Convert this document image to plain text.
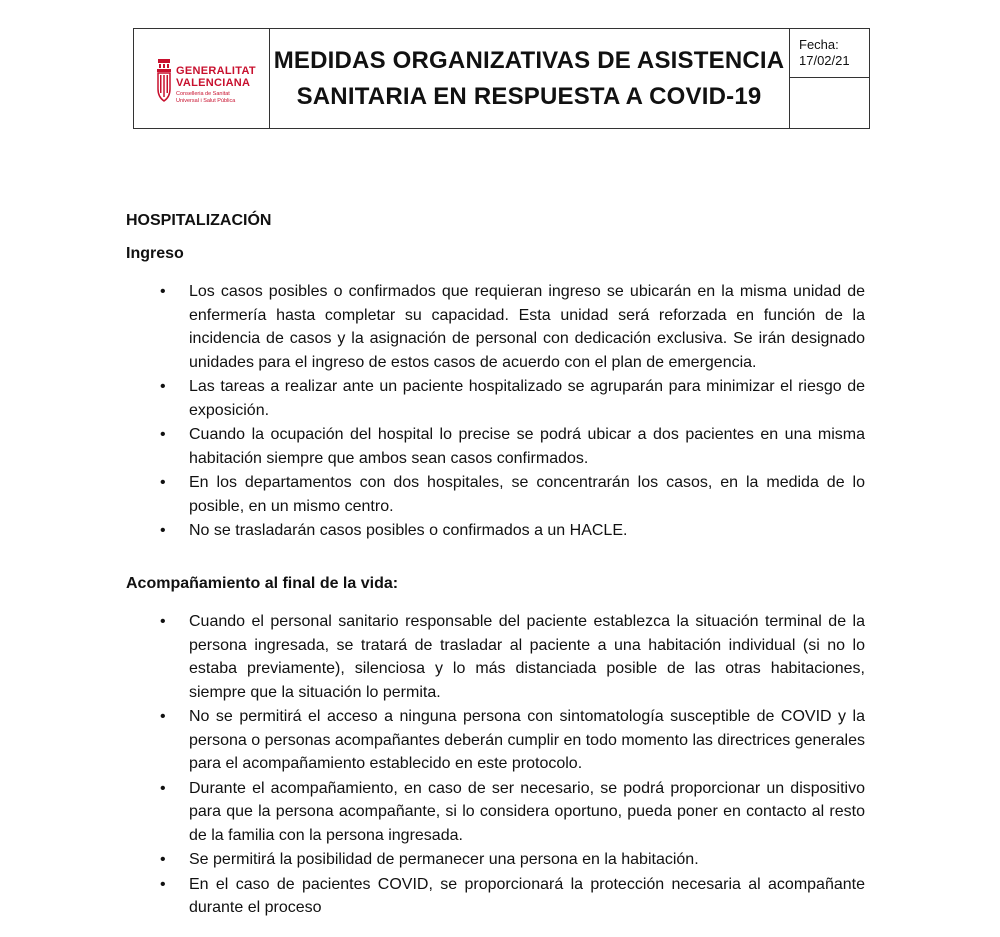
GENERALITAT
VALENCIANA
Conselleria de Sanitat
Universal i Salut Pública
MEDIDAS ORGANIZATIVAS DE ASISTENCIA
SANITARIA EN RESPUESTA A COVID-19
Fecha:
17/02/21
HOSPITALIZACIÓN
Ingreso
• Los casos posibles o confirmados que requieran ingreso se ubicarán en la misma unidad de enfermería hasta completar su capacidad. Esta unidad será reforzada en función de la incidencia de casos y la asignación de personal con dedicación exclusiva. Se irán designado unidades para el ingreso de estos casos de acuerdo con el plan de emergencia.
• Las tareas a realizar ante un paciente hospitalizado se agruparán para minimizar el riesgo de exposición.
• Cuando la ocupación del hospital lo precise se podrá ubicar a dos pacientes en una misma habitación siempre que ambos sean casos confirmados.
• En los departamentos con dos hospitales, se concentrarán los casos, en la medida de lo posible, en un mismo centro.
• No se trasladarán casos posibles o confirmados a un HACLE.
Acompañamiento al final de la vida:
• Cuando el personal sanitario responsable del paciente establezca la situación terminal de la persona ingresada, se tratará de trasladar al paciente a una habitación individual (si no lo estaba previamente), silenciosa y lo más distanciada posible de las otras habitaciones, siempre que la situación lo permita.
• No se permitirá el acceso a ninguna persona con sintomatología susceptible de COVID y la persona o personas acompañantes deberán cumplir en todo momento las directrices generales para el acompañamiento establecido en este protocolo.
• Durante el acompañamiento, en caso de ser necesario, se podrá proporcionar un dispositivo para que la persona acompañante, si lo considera oportuno, pueda poner en contacto al resto de la familia con la persona ingresada.
• Se permitirá la posibilidad de permanecer una persona en la habitación.
• En el caso de pacientes COVID, se proporcionará la protección necesaria al acompañante durante el proceso
